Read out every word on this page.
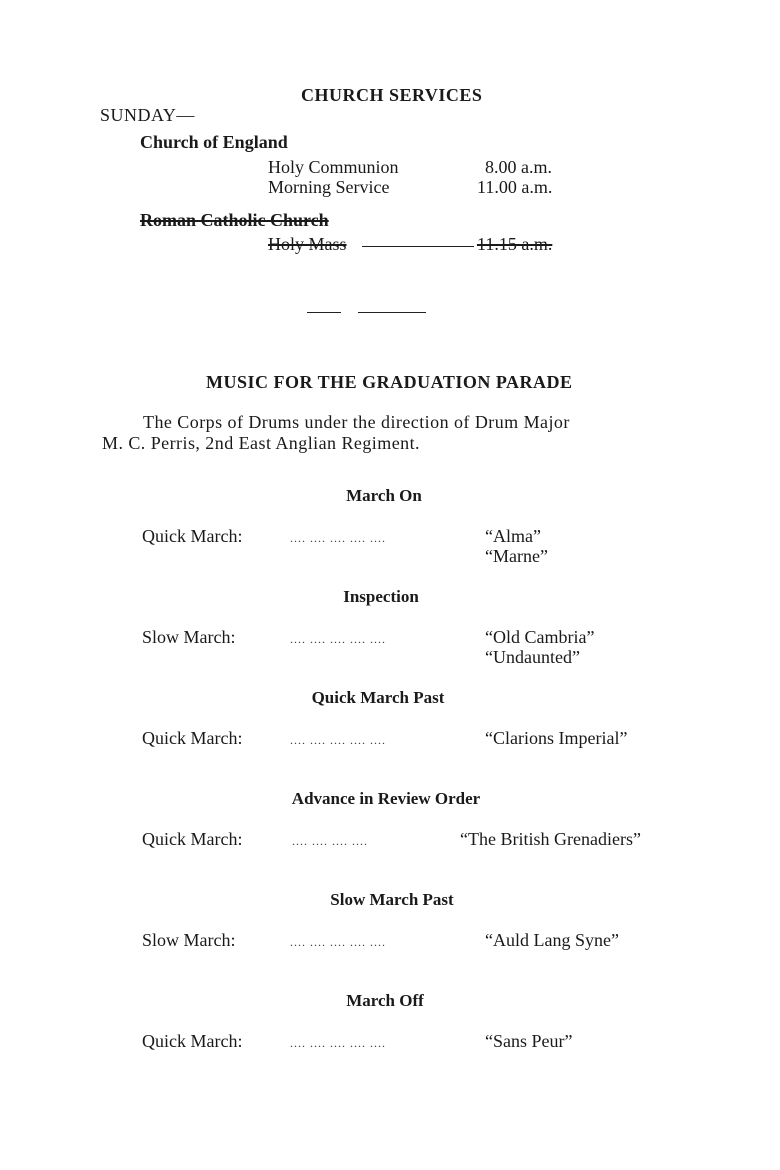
CHURCH SERVICES
SUNDAY—
Church of England
Holy Communion	8.00 a.m.
Morning Service	11.00 a.m.
Roman Catholic Church
Holy Mass	11.15 a.m.
MUSIC FOR THE GRADUATION PARADE
The Corps of Drums under the direction of Drum Major
M. C. Perris, 2nd East Anglian Regiment.
March On
Quick March:	.... .... .... .... ....	“Alma”
“Marne”
Inspection
Slow March:	.... .... .... .... ....	“Old Cambria”
“Undaunted”
Quick March Past
Quick March:	.... .... .... .... ....	“Clarions Imperial”
Advance in Review Order
Quick March:	.... .... .... ....	“The British Grenadiers”
Slow March Past
Slow March:	.... .... .... .... ....	“Auld Lang Syne”
March Off
Quick March:	.... .... .... .... ....	“Sans Peur”
